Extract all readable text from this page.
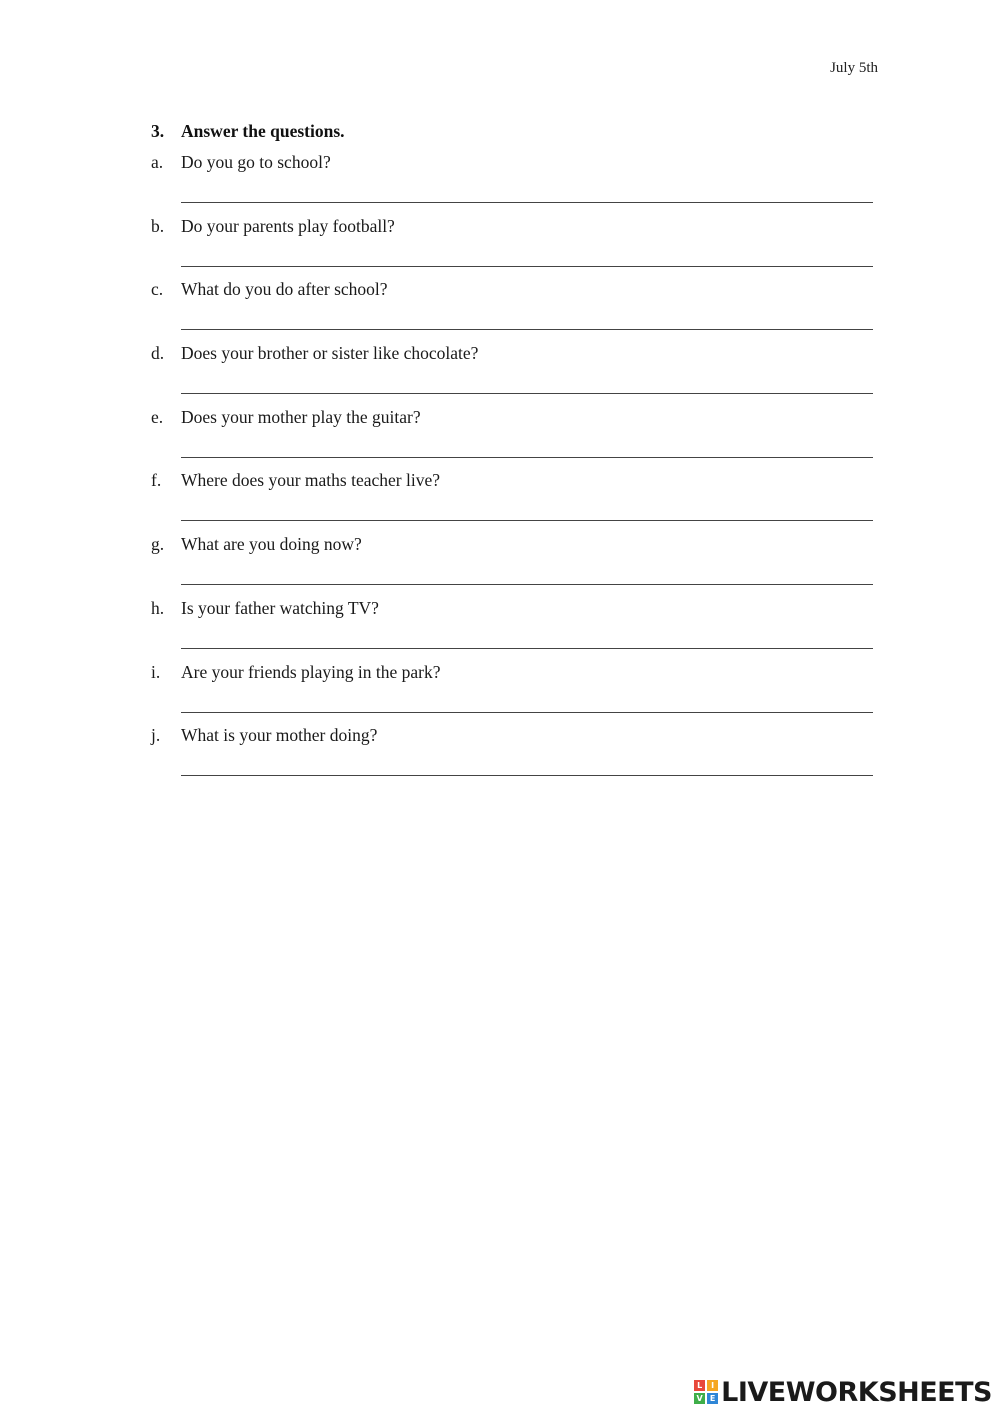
July 5th
3. Answer the questions.
a. Do you go to school?
b. Do your parents play football?
c. What do you do after school?
d. Does your brother or sister like chocolate?
e. Does your mother play the guitar?
f. Where does your maths teacher live?
g. What are you doing now?
h. Is your father watching TV?
i. Are your friends playing in the park?
j. What is your mother doing?
L	I
V E LIVEWORKSHEETS
